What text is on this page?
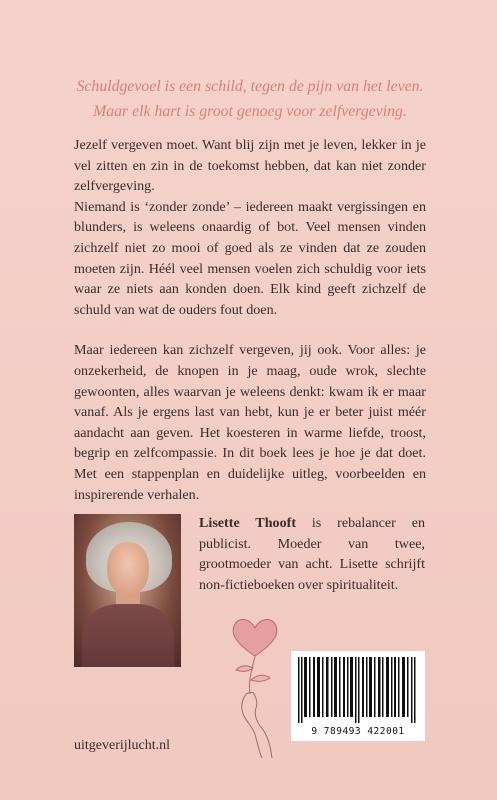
Schuldgevoel is een schild, tegen de pijn van het leven.
Maar elk hart is groot genoeg voor zelfvergeving.

Jezelf vergeven moet. Want blij zijn met je leven, lekker in je vel zitten en zin in de toekomst hebben, dat kan niet zonder zelfvergeving.

Niemand is ‘zonder zonde’ – iedereen maakt vergissingen en blunders, is weleens onaardig of bot. Veel mensen vinden zichzelf niet zo mooi of goed als ze vinden dat ze zouden moeten zijn. Héél veel mensen voelen zich schuldig voor iets waar ze niets aan konden doen. Elk kind geeft zichzelf de schuld van wat de ouders fout doen.

Maar iedereen kan zichzelf vergeven, jij ook. Voor alles: je onzekerheid, de knopen in je maag, oude wrok, slechte gewoonten, alles waarvan je weleens denkt: kwam ik er maar vanaf. Als je ergens last van hebt, kun je er beter juist méér aandacht aan geven. Het koesteren in warme liefde, troost, begrip en zelfcompassie. In dit boek lees je hoe je dat doet. Met een stappenplan en duidelijke uitleg, voorbeelden en inspirerende verhalen.

Lisette Thooft is rebalancer en publicist. Moeder van twee, grootmoeder van acht. Lisette schrijft non-fictieboeken over spiritualiteit.
9 789493 422001
uitgeverijlucht.nl
